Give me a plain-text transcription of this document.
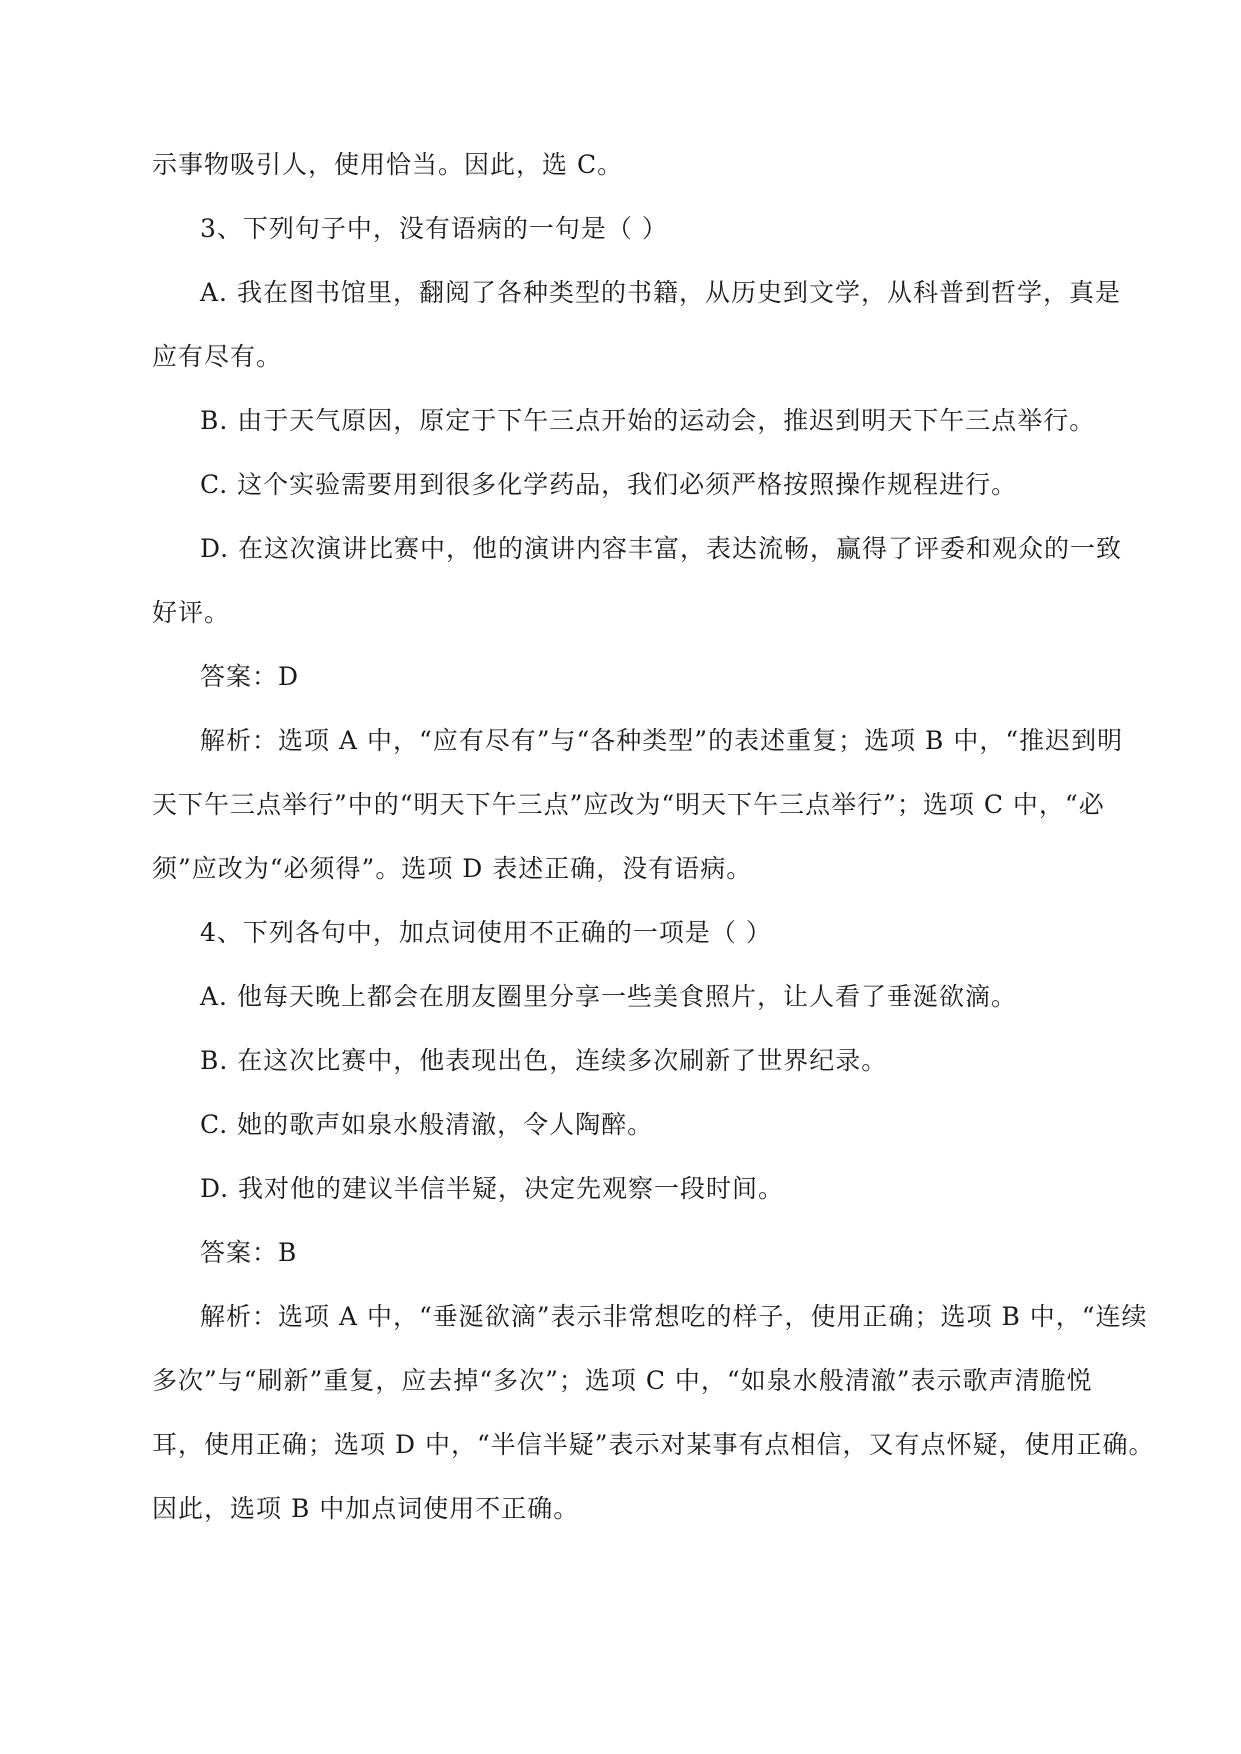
示事物吸引人，使用恰当。因此，选 C。
3、下列句子中，没有语病的一句是（ ）
A. 我在图书馆里，翻阅了各种类型的书籍，从历史到文学，从科普到哲学，真是
应有尽有。
B. 由于天气原因，原定于下午三点开始的运动会，推迟到明天下午三点举行。
C. 这个实验需要用到很多化学药品，我们必须严格按照操作规程进行。
D. 在这次演讲比赛中，他的演讲内容丰富，表达流畅，赢得了评委和观众的一致
好评。
答案：D
解析：选项 A 中，“应有尽有”与“各种类型”的表述重复；选项 B 中，“推迟到明
天下午三点举行”中的“明天下午三点”应改为“明天下午三点举行”；选项 C 中，“必
须”应改为“必须得”。选项 D 表述正确，没有语病。
4、下列各句中，加点词使用不正确的一项是（ ）
A. 他每天晚上都会在朋友圈里分享一些美食照片，让人看了垂涎欲滴。
B. 在这次比赛中，他表现出色，连续多次刷新了世界纪录。
C. 她的歌声如泉水般清澈，令人陶醉。
D. 我对他的建议半信半疑，决定先观察一段时间。
答案：B
解析：选项 A 中，“垂涎欲滴”表示非常想吃的样子，使用正确；选项 B 中，“连续
多次”与“刷新”重复，应去掉“多次”；选项 C 中，“如泉水般清澈”表示歌声清脆悦
耳，使用正确；选项 D 中，“半信半疑”表示对某事有点相信，又有点怀疑，使用正确。
因此，选项 B 中加点词使用不正确。
